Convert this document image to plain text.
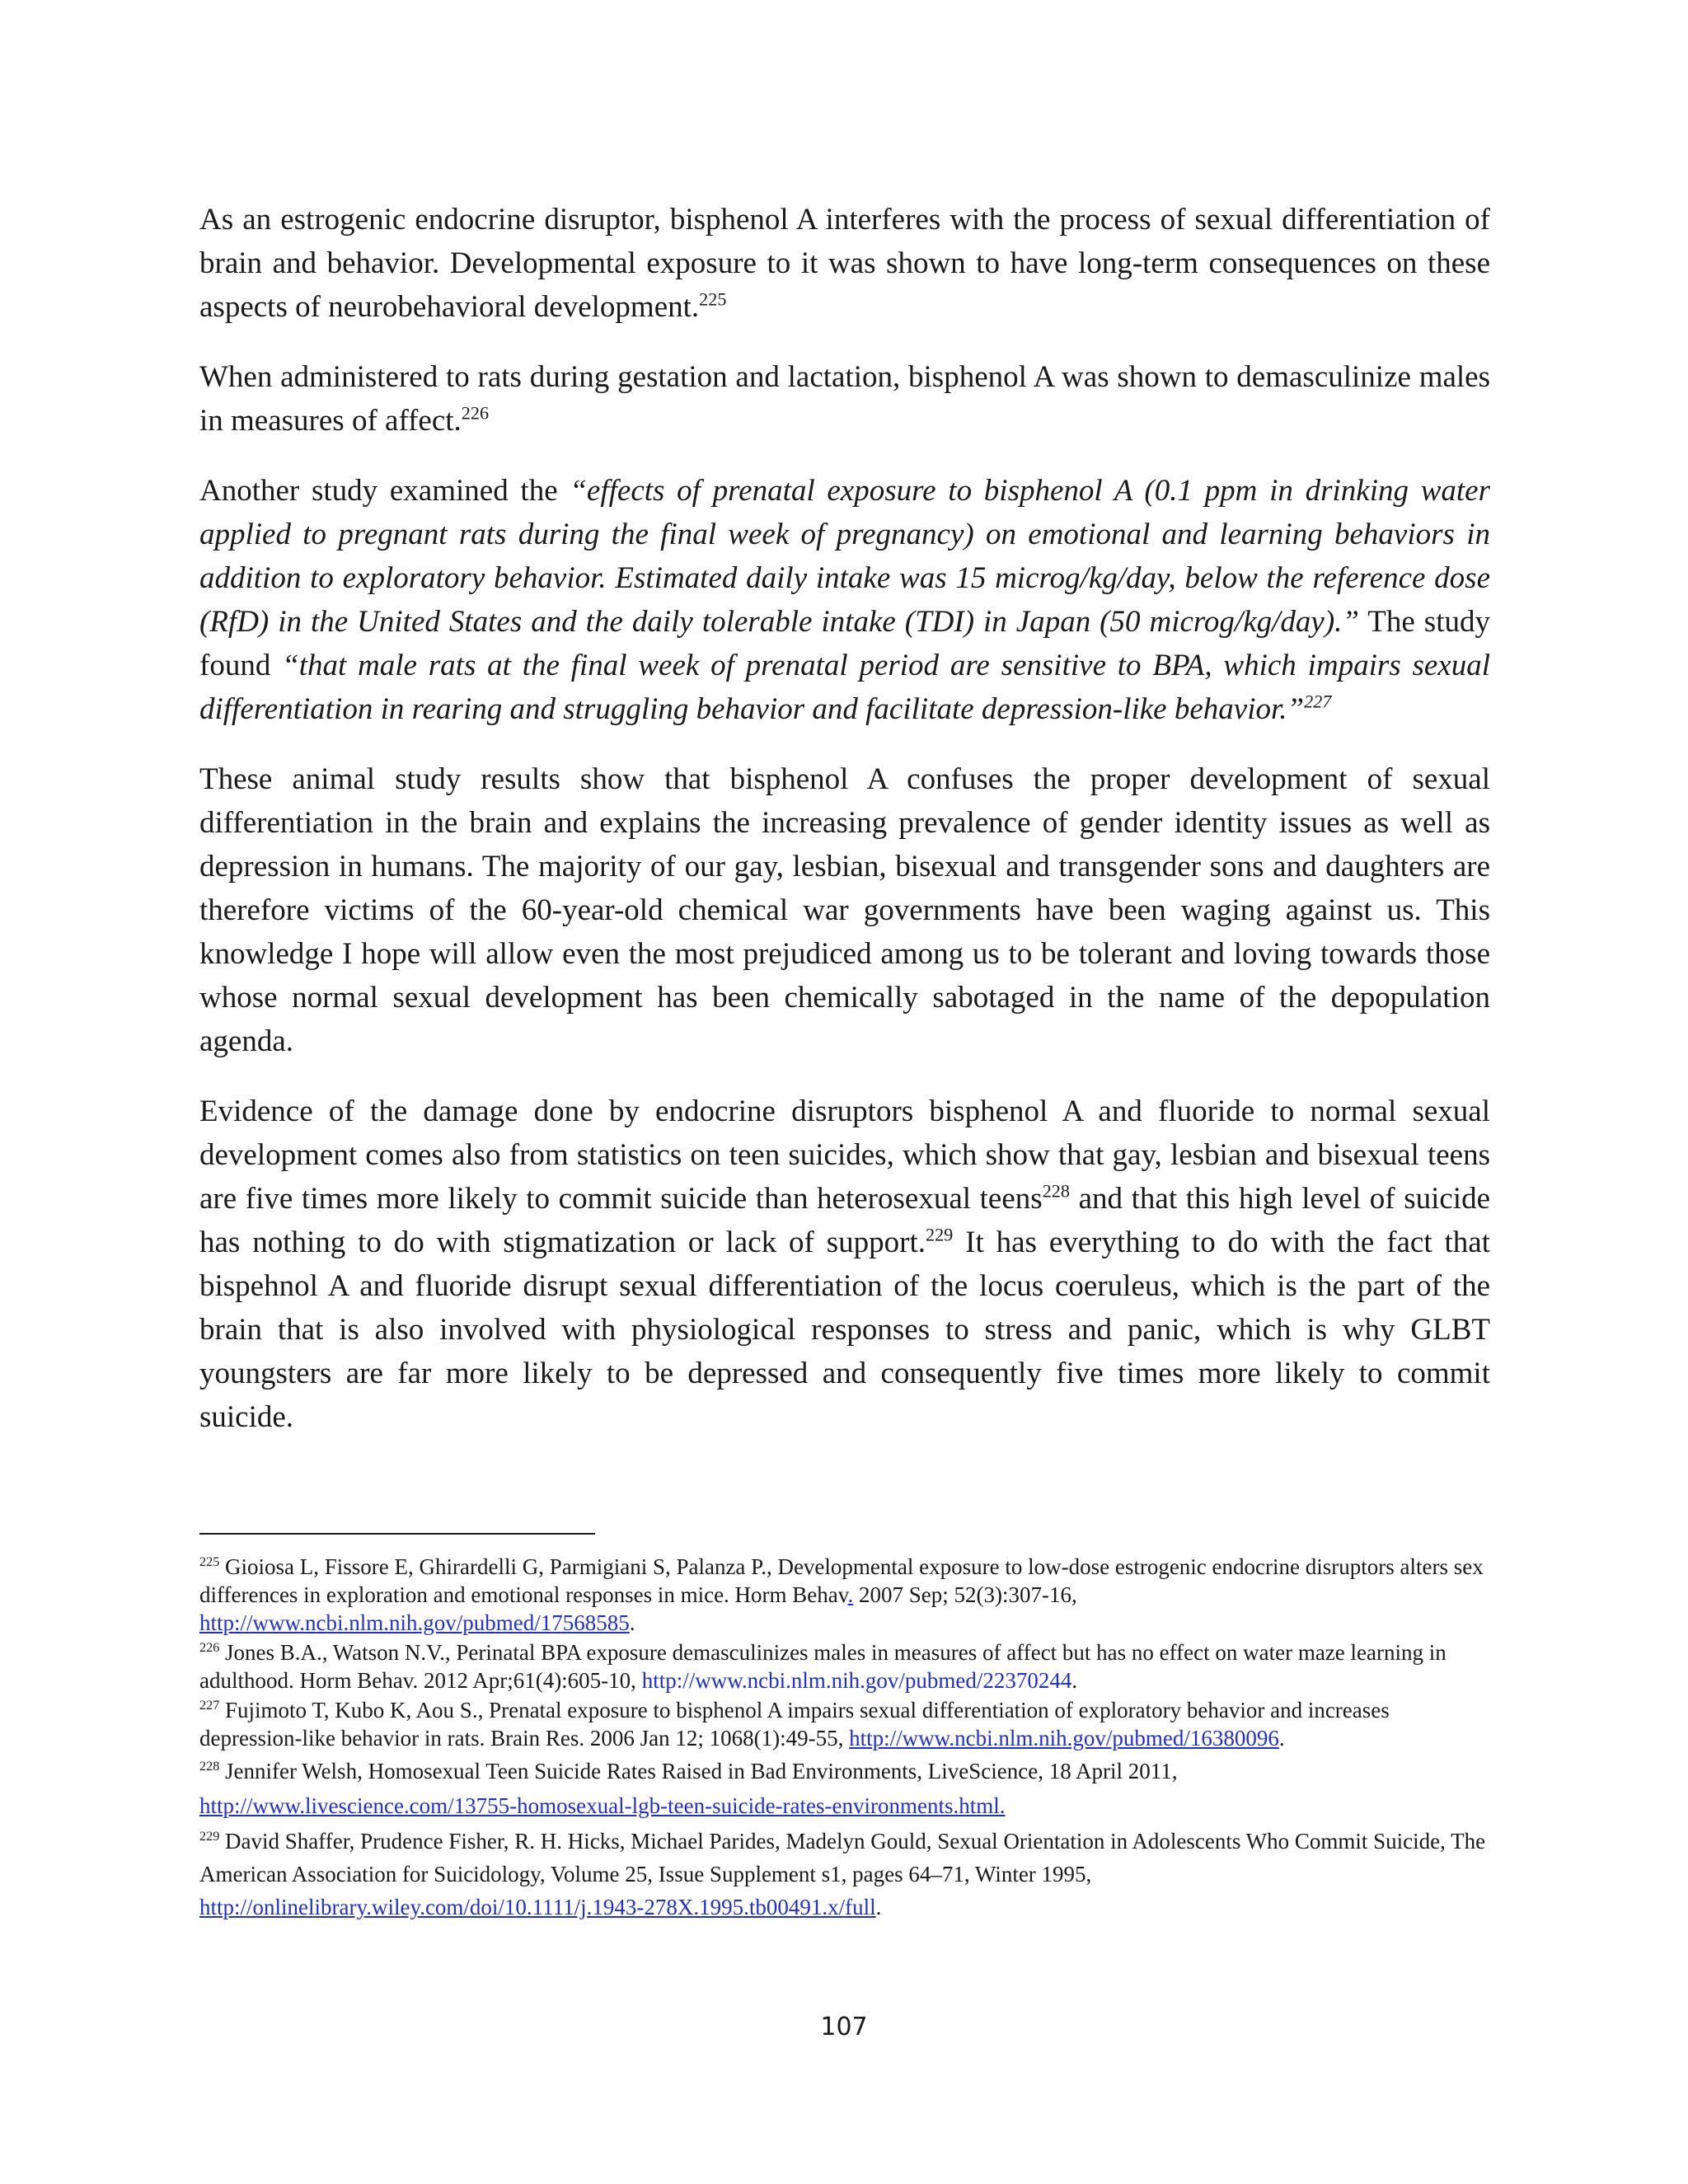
As an estrogenic endocrine disruptor, bisphenol A interferes with the process of sexual differentiation of brain and behavior. Developmental exposure to it was shown to have long-term consequences on these aspects of neurobehavioral development.$^{225}$

When administered to rats during gestation and lactation, bisphenol A was shown to demasculinize males in measures of affect.$^{226}$

Another study examined the “effects of prenatal exposure to bisphenol A (0.1 ppm in drinking water applied to pregnant rats during the final week of pregnancy) on emotional and learning behaviors in addition to exploratory behavior. Estimated daily intake was 15 microg/kg/day, below the reference dose (RfD) in the United States and the daily tolerable intake (TDI) in Japan (50 microg/kg/day).” The study found “that male rats at the final week of prenatal period are sensitive to BPA, which impairs sexual differentiation in rearing and struggling behavior and facilitate depression-like behavior.”$^{227}$

These animal study results show that bisphenol A confuses the proper development of sexual differentiation in the brain and explains the increasing prevalence of gender identity issues as well as depression in humans. The majority of our gay, lesbian, bisexual and transgender sons and daughters are therefore victims of the 60-year-old chemical war governments have been waging against us. This knowledge I hope will allow even the most prejudiced among us to be tolerant and loving towards those whose normal sexual development has been chemically sabotaged in the name of the depopulation agenda.

Evidence of the damage done by endocrine disruptors bisphenol A and fluoride to normal sexual development comes also from statistics on teen suicides, which show that gay, lesbian and bisexual teens are five times more likely to commit suicide than heterosexual teens$^{228}$ and that this high level of suicide has nothing to do with stigmatization or lack of support.$^{229}$ It has everything to do with the fact that bispehnol A and fluoride disrupt sexual differentiation of the locus coeruleus, which is the part of the brain that is also involved with physiological responses to stress and panic, which is why GLBT youngsters are far more likely to be depressed and consequently five times more likely to commit suicide.

$^{225}$ Gioiosa L, Fissore E, Ghirardelli G, Parmigiani S, Palanza P., Developmental exposure to low-dose estrogenic endocrine disruptors alters sex differences in exploration and emotional responses in mice. Horm Behav. 2007 Sep; 52(3):307-16, http://www.ncbi.nlm.nih.gov/pubmed/17568585.

$^{226}$ Jones B.A., Watson N.V., Perinatal BPA exposure demasculinizes males in measures of affect but has no effect on water maze learning in adulthood. Horm Behav. 2012 Apr;61(4):605-10, http://www.ncbi.nlm.nih.gov/pubmed/22370244.

$^{227}$ Fujimoto T, Kubo K, Aou S., Prenatal exposure to bisphenol A impairs sexual differentiation of exploratory behavior and increases depression-like behavior in rats. Brain Res. 2006 Jan 12; 1068(1):49-55, http://www.ncbi.nlm.nih.gov/pubmed/16380096.

$^{228}$ Jennifer Welsh, Homosexual Teen Suicide Rates Raised in Bad Environments, LiveScience, 18 April 2011, http://www.livescience.com/13755-homosexual-lgb-teen-suicide-rates-environments.html.

$^{229}$ David Shaffer, Prudence Fisher, R. H. Hicks, Michael Parides, Madelyn Gould, Sexual Orientation in Adolescents Who Commit Suicide, The American Association for Suicidology, Volume 25, Issue Supplement s1, pages 64–71, Winter 1995, http://onlinelibrary.wiley.com/doi/10.1111/j.1943-278X.1995.tb00491.x/full.

107
